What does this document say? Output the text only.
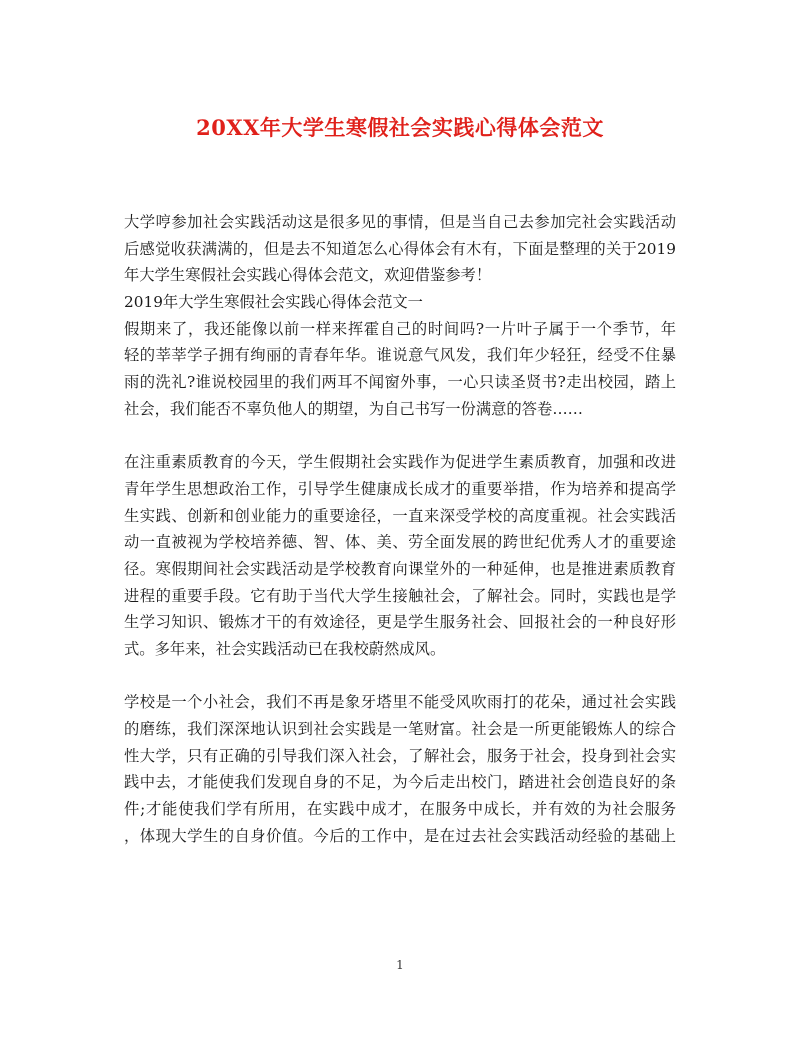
20XX年大学生寒假社会实践心得体会范文
大学哼参加社会实践活动这是很多见的事情，但是当自己去参加完社会实践活动
后感觉收获满满的，但是去不知道怎么心得体会有木有，下面是整理的关于2019
年大学生寒假社会实践心得体会范文，欢迎借鉴参考！
2019年大学生寒假社会实践心得体会范文一
假期来了，我还能像以前一样来挥霍自己的时间吗?一片叶子属于一个季节，年
轻的莘莘学子拥有绚丽的青春年华。谁说意气风发，我们年少轻狂，经受不住暴
雨的洗礼?谁说校园里的我们两耳不闻窗外事，一心只读圣贤书?走出校园，踏上
社会，我们能否不辜负他人的期望，为自己书写一份满意的答卷……
在注重素质教育的今天，学生假期社会实践作为促进学生素质教育，加强和改进
青年学生思想政治工作，引导学生健康成长成才的重要举措，作为培养和提高学
生实践、创新和创业能力的重要途径，一直来深受学校的高度重视。社会实践活
动一直被视为学校培养德、智、体、美、劳全面发展的跨世纪优秀人才的重要途
径。寒假期间社会实践活动是学校教育向课堂外的一种延伸，也是推进素质教育
进程的重要手段。它有助于当代大学生接触社会，了解社会。同时，实践也是学
生学习知识、锻炼才干的有效途径，更是学生服务社会、回报社会的一种良好形
式。多年来，社会实践活动已在我校蔚然成风。
学校是一个小社会，我们不再是象牙塔里不能受风吹雨打的花朵，通过社会实践
的磨练，我们深深地认识到社会实践是一笔财富。社会是一所更能锻炼人的综合
性大学，只有正确的引导我们深入社会，了解社会，服务于社会，投身到社会实
践中去，才能使我们发现自身的不足，为今后走出校门，踏进社会创造良好的条
件;才能使我们学有所用，在实践中成才，在服务中成长，并有效的为社会服务
，体现大学生的自身价值。今后的工作中，是在过去社会实践活动经验的基础上
1
